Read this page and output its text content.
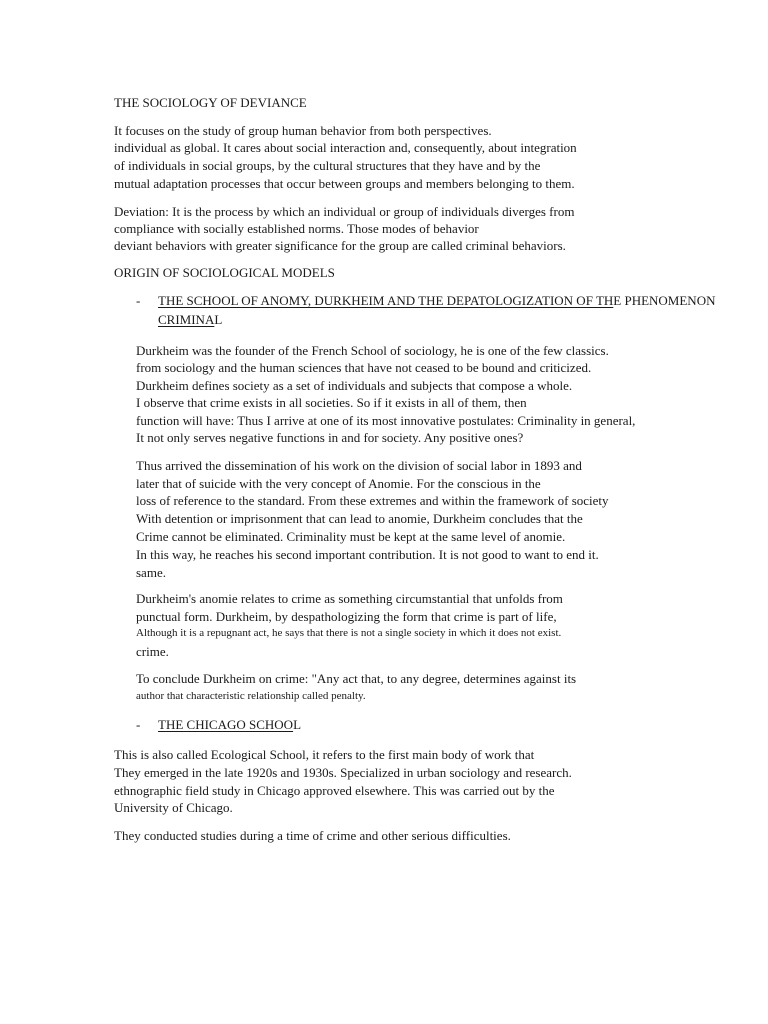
THE SOCIOLOGY OF DEVIANCE
It focuses on the study of group human behavior from both perspectives.
individual as global. It cares about social interaction and, consequently, about integration
of individuals in social groups, by the cultural structures that they have and by the
mutual adaptation processes that occur between groups and members belonging to them.
Deviation: It is the process by which an individual or group of individuals diverges from
compliance with socially established norms. Those modes of behavior
deviant behaviors with greater significance for the group are called criminal behaviors.
ORIGIN OF SOCIOLOGICAL MODELS
- THE SCHOOL OF ANOMY, DURKHEIM AND THE DEPATOLOGIZATION OF THE PHENOMENON
CRIMINAL
Durkheim was the founder of the French School of sociology, he is one of the few classics.
from sociology and the human sciences that have not ceased to be bound and criticized.
Durkheim defines society as a set of individuals and subjects that compose a whole.
I observe that crime exists in all societies. So if it exists in all of them, then
function will have: Thus I arrive at one of its most innovative postulates: Criminality in general,
It not only serves negative functions in and for society. Any positive ones?
Thus arrived the dissemination of his work on the division of social labor in 1893 and
later that of suicide with the very concept of Anomie. For the conscious in the
loss of reference to the standard. From these extremes and within the framework of society
With detention or imprisonment that can lead to anomie, Durkheim concludes that the
Crime cannot be eliminated. Criminality must be kept at the same level of anomie.
In this way, he reaches his second important contribution. It is not good to want to end it.
same.
Durkheim's anomie relates to crime as something circumstantial that unfolds from
punctual form. Durkheim, by despathologizing the form that crime is part of life,
Although it is a repugnant act, he says that there is not a single society in which it does not exist.
crime.
To conclude Durkheim on crime: "Any act that, to any degree, determines against its
author that characteristic relationship called penalty.
- THE CHICAGO SCHOOL
This is also called Ecological School, it refers to the first main body of work that
They emerged in the late 1920s and 1930s. Specialized in urban sociology and research.
ethnographic field study in Chicago approved elsewhere. This was carried out by the
University of Chicago.
They conducted studies during a time of crime and other serious difficulties.
